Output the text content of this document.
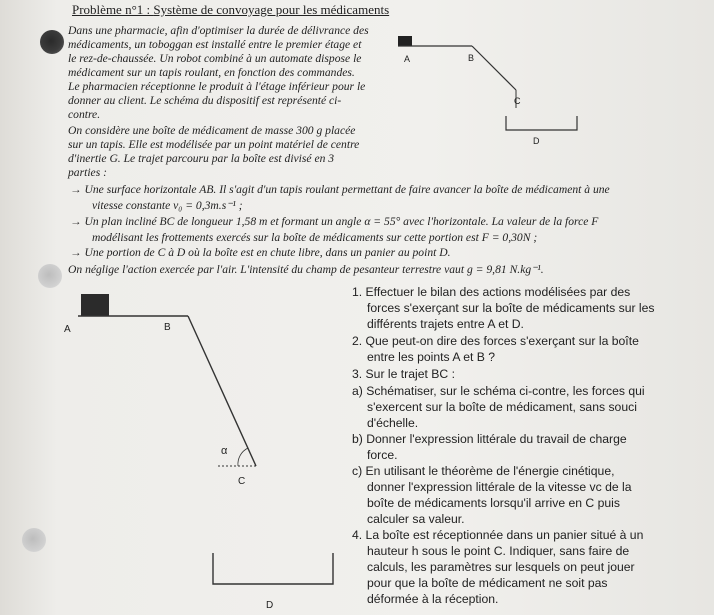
Problème n°1 : Système de convoyage pour les médicaments
Dans une pharmacie, afin d'optimiser la durée de délivrance des
médicaments, un toboggan est installé entre le premier étage et
le rez-de-chaussée. Un robot combiné à un automate dispose le
médicament sur un tapis roulant, en fonction des commandes.
Le pharmacien réceptionne le produit à l'étage inférieur pour le
donner au client. Le schéma du dispositif est représenté ci-
contre.
On considère une boîte de médicament de masse 300 g placée
sur un tapis. Elle est modélisée par un point matériel de centre
d'inertie G. Le trajet parcouru par la boîte est divisé en 3
parties :
A	B
C
D
→ Une surface horizontale AB. Il s'agit d'un tapis roulant permettant de faire avancer la boîte de médicament à une
vitesse constante v₀ = 0,3m.s⁻¹ ;
→ Un plan incliné BC de longueur 1,58 m et formant un angle α = 55° avec l'horizontale. La valeur de la force F
modélisant les frottements exercés sur la boîte de médicaments sur cette portion est F = 0,30N ;
→ Une portion de C à D où la boîte est en chute libre, dans un panier au point D.
On néglige l'action exercée par l'air. L'intensité du champ de pesanteur terrestre vaut g = 9,81 N.kg⁻¹.
A	B
α
C
D
1. Effectuer le bilan des actions modélisées par des
forces s'exerçant sur la boîte de médicaments sur les
différents trajets entre A et D.
2. Que peut-on dire des forces s'exerçant sur la boîte
entre les points A et B ?
3. Sur le trajet BC :
a) Schématiser, sur le schéma ci-contre, les forces qui
s'exercent sur la boîte de médicament, sans souci
d'échelle.
b) Donner l'expression littérale du travail de charge
force.
c) En utilisant le théorème de l'énergie cinétique,
donner l'expression littérale de la vitesse vᴄ de la
boîte de médicaments lorsqu'il arrive en C puis
calculer sa valeur.
4. La boîte est réceptionnée dans un panier situé à un
hauteur h sous le point C. Indiquer, sans faire de
calculs, les paramètres sur lesquels on peut jouer
pour que la boîte de médicament ne soit pas
déformée à la réception.
